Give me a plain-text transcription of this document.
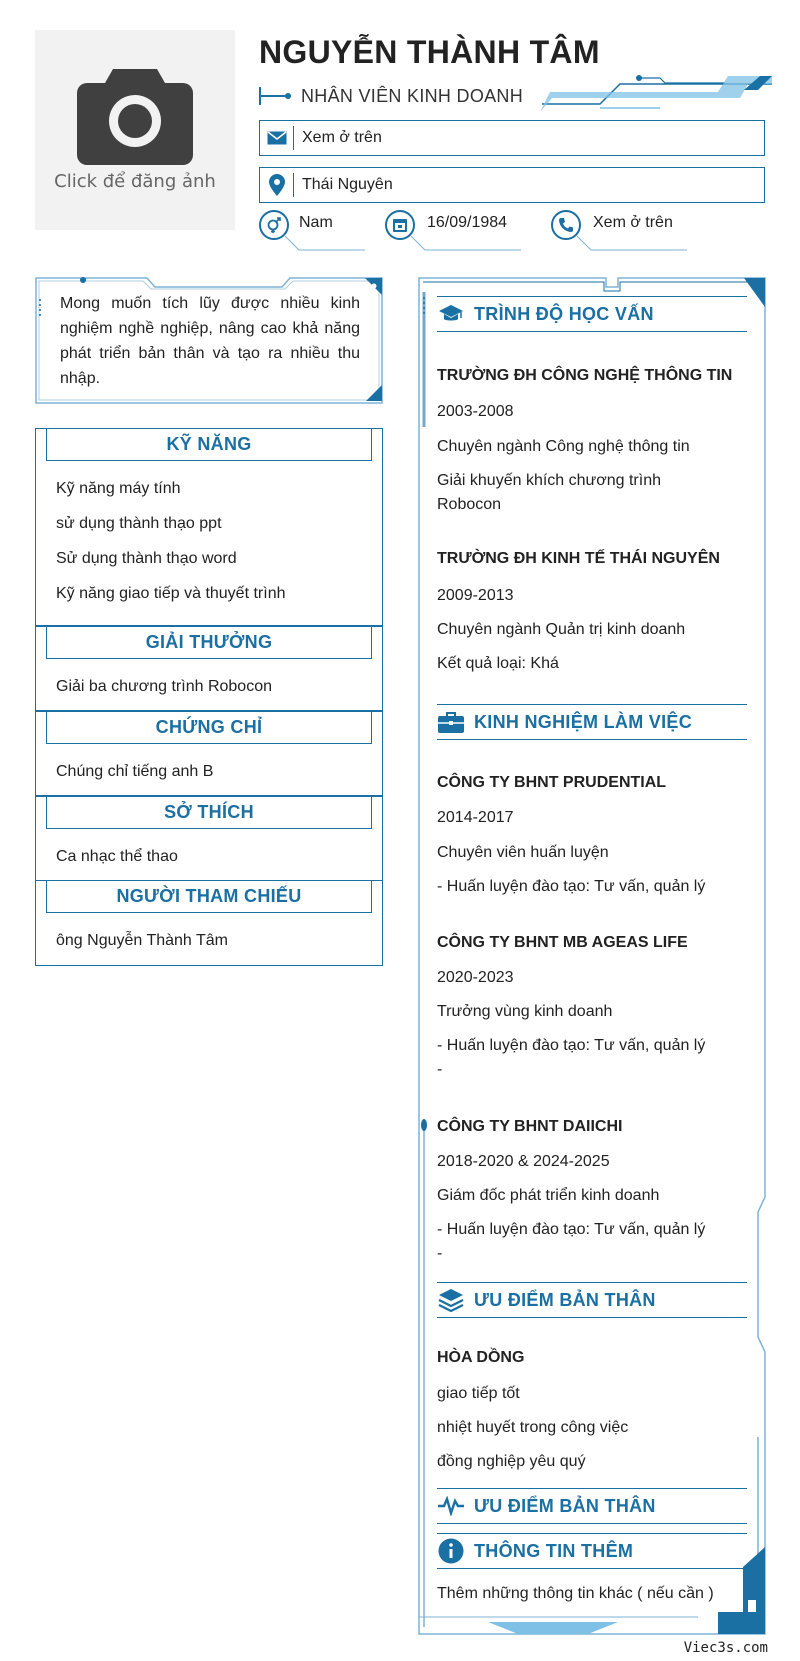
Click để đăng ảnh
NGUYỄN THÀNH TÂM
NHÂN VIÊN KINH DOANH
Xem ở trên
Thái Nguyên
Nam	16/09/1984	Xem ở trên
Mong muốn tích lũy được nhiều kinh nghiệm nghề nghiệp, nâng cao khả năng phát triển bản thân và tạo ra nhiều thu nhập.
KỸ NĂNG
Kỹ năng máy tính
sử dụng thành thạo ppt
Sử dụng thành thạo word
Kỹ năng giao tiếp và thuyết trình
GIẢI THƯỞNG
Giải ba chương trình Robocon
CHỨNG CHỈ
Chúng chỉ tiếng anh B
SỞ THÍCH
Ca nhạc thể thao
NGƯỜI THAM CHIẾU
ông Nguyễn Thành Tâm
TRÌNH ĐỘ HỌC VẤN
TRƯỜNG ĐH CÔNG NGHỆ THÔNG TIN
2003-2008
Chuyên ngành Công nghệ thông tin
Giải khuyến khích chương trình Robocon
TRƯỜNG ĐH KINH TẾ THÁI NGUYÊN
2009-2013
Chuyên ngành Quản trị kinh doanh
Kết quả loại: Khá
KINH NGHIỆM LÀM VIỆC
CÔNG TY BHNT PRUDENTIAL
2014-2017
Chuyên viên huấn luyện
- Huấn luyện đào tạo: Tư vấn, quản lý
CÔNG TY BHNT MB AGEAS LIFE
2020-2023
Trưởng vùng kinh doanh
- Huấn luyện đào tạo: Tư vấn, quản lý
-
CÔNG TY BHNT DAIICHI
2018-2020 & 2024-2025
Giám đốc phát triển kinh doanh
- Huấn luyện đào tạo: Tư vấn, quản lý
-
ƯU ĐIỂM BẢN THÂN
HÒA DỒNG
giao tiếp tốt
nhiệt huyết trong công việc
đồng nghiệp yêu quý
ƯU ĐIỂM BẢN THÂN
THÔNG TIN THÊM
Thêm những thông tin khác ( nếu cần )
Viec3s.com
